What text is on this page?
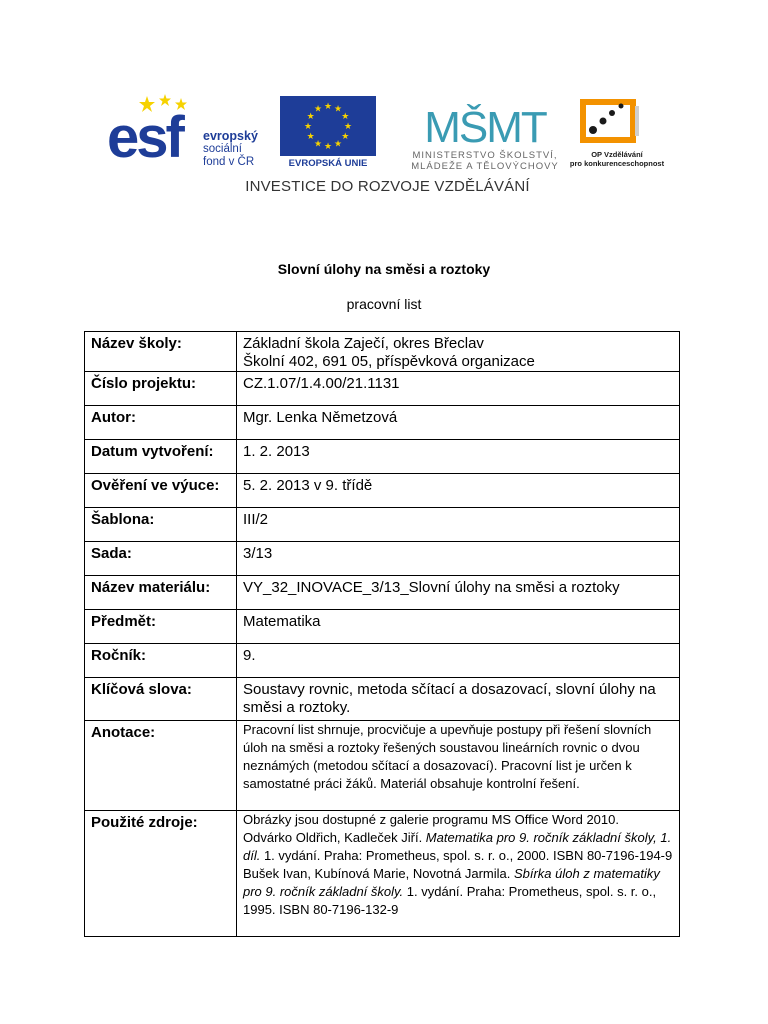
esf evropský
sociální
fond v ČR
★ ★
★
★
★
★
★
★
★
★
★
★
EVROPSKÁ UNIE
MŠMT
MINISTERSTVO ŠKOLSTVÍ,
MLÁDEŽE A TĚLOVÝCHOVY
OP Vzdělávání
pro konkurenceschopnost
INVESTICE DO ROZVOJE VZDĚLÁVÁNÍ
Slovní úlohy na směsi a roztoky
pracovní list
Název školy:	Základní škola Zaječí, okres Břeclav
Školní 402, 691 05, příspěvková organizace

Číslo projektu:	CZ.1.07/1.4.00/21.1131
Autor:	Mgr. Lenka Němetzová
Datum vytvoření:	1. 2. 2013
Ověření ve výuce:	5. 2. 2013 v 9. třídě
Šablona:	III/2
Sada:	3/13
Název materiálu:	VY_32_INOVACE_3/13_Slovní úlohy na směsi a roztoky
Předmět:	Matematika
Ročník:	9.
Klíčová slova:	Soustavy rovnic, metoda sčítací a dosazovací, slovní úlohy na směsi a roztoky.
Anotace:	Pracovní list shrnuje, procvičuje a upevňuje postupy při řešení slovních úloh na směsi a roztoky řešených soustavou lineárních rovnic o dvou neznámých (metodou sčítací a dosazovací). Pracovní list je určen k samostatné práci žáků. Materiál obsahuje kontrolní řešení.
Použité zdroje:	Obrázky jsou dostupné z galerie programu MS Office Word 2010.
Odvárko Oldřich, Kadleček Jiří. Matematika pro 9. ročník základní školy, 1. díl. 1. vydání. Praha: Prometheus, spol. s. r. o., 2000. ISBN 80-7196-194-9
Bušek Ivan, Kubínová Marie, Novotná Jarmila. Sbírka úloh z matematiky pro 9. ročník základní školy. 1. vydání. Praha: Prometheus, spol. s. r. o., 1995. ISBN 80-7196-132-9
